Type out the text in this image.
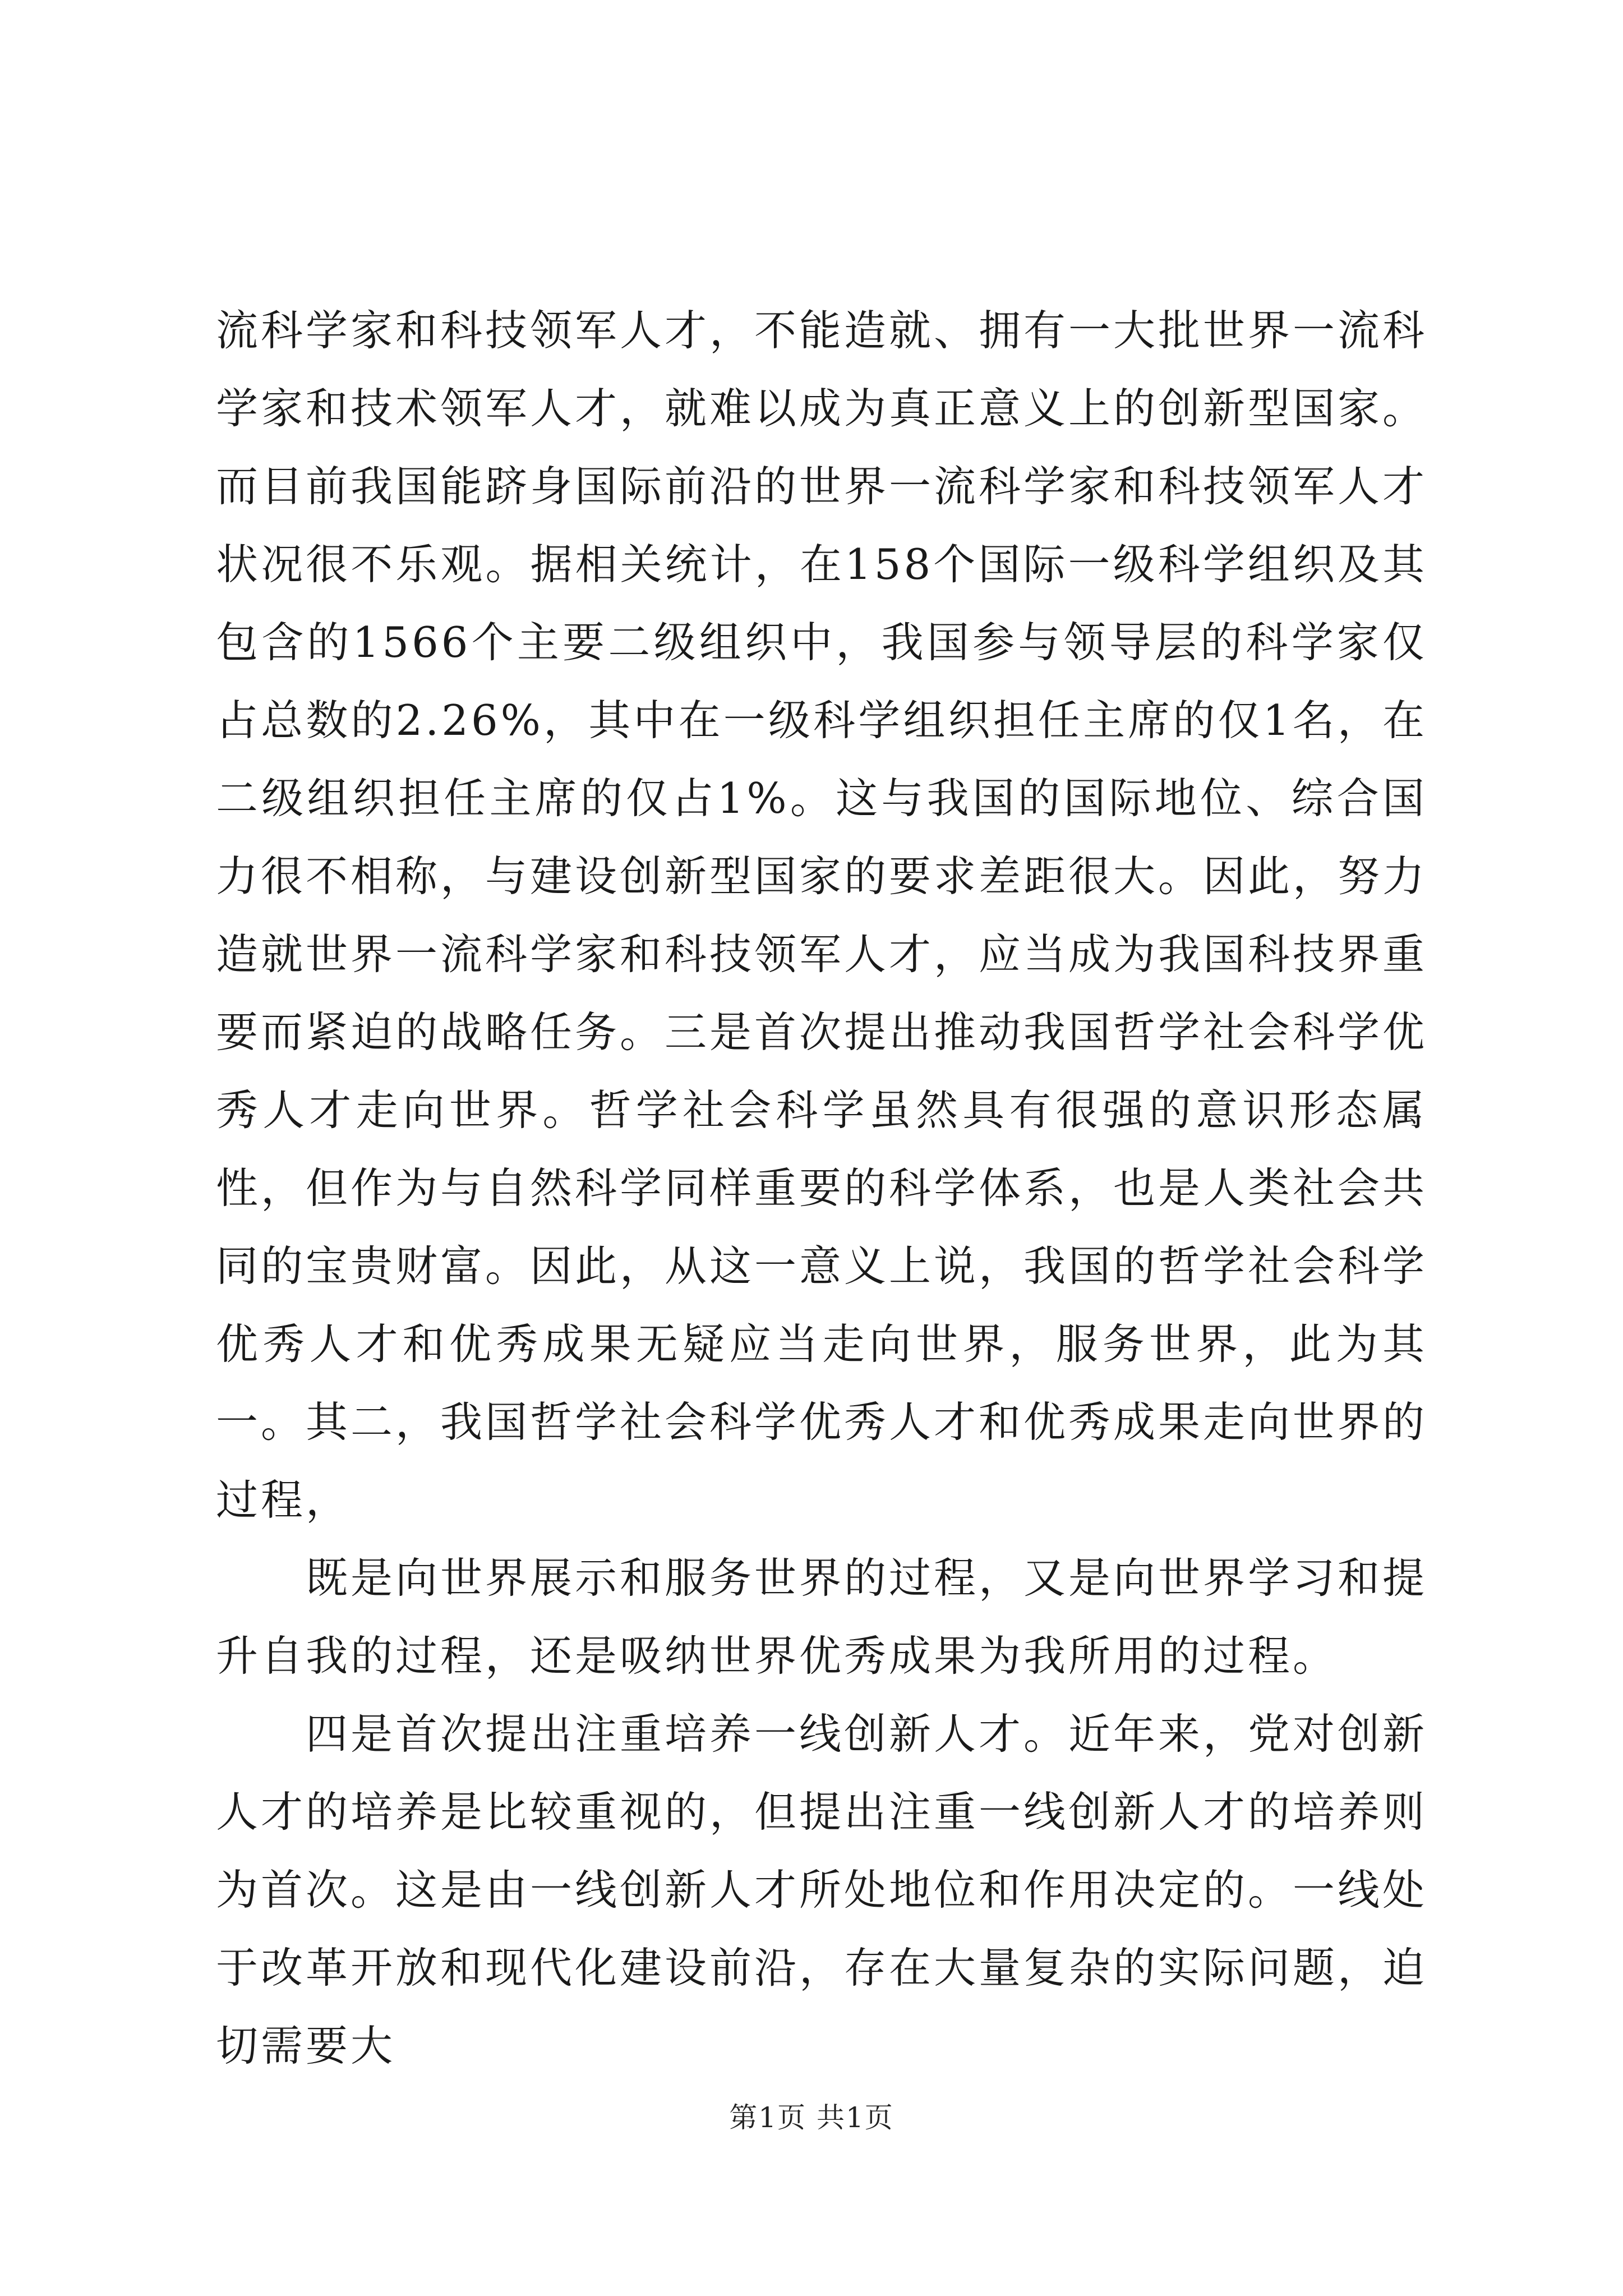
流科学家和科技领军人才，不能造就、拥有一大批世界一流科学家和技术领军人才，就难以成为真正意义上的创新型国家。而目前我国能跻身国际前沿的世界一流科学家和科技领军人才状况很不乐观。据相关统计，在158个国际一级科学组织及其包含的1566个主要二级组织中，我国参与领导层的科学家仅占总数的2.26%，其中在一级科学组织担任主席的仅1名，在二级组织担任主席的仅占1%。这与我国的国际地位、综合国力很不相称，与建设创新型国家的要求差距很大。因此，努力造就世界一流科学家和科技领军人才，应当成为我国科技界重要而紧迫的战略任务。三是首次提出推动我国哲学社会科学优秀人才走向世界。哲学社会科学虽然具有很强的意识形态属性，但作为与自然科学同样重要的科学体系，也是人类社会共同的宝贵财富。因此，从这一意义上说，我国的哲学社会科学优秀人才和优秀成果无疑应当走向世界，服务世界，此为其一。其二，我国哲学社会科学优秀人才和优秀成果走向世界的过程，

既是向世界展示和服务世界的过程，又是向世界学习和提升自我的过程，还是吸纳世界优秀成果为我所用的过程。

四是首次提出注重培养一线创新人才。近年来，党对创新人才的培养是比较重视的，但提出注重一线创新人才的培养则为首次。这是由一线创新人才所处地位和作用决定的。一线处于改革开放和现代化建设前沿，存在大量复杂的实际问题，迫切需要大

第1页 共1页
